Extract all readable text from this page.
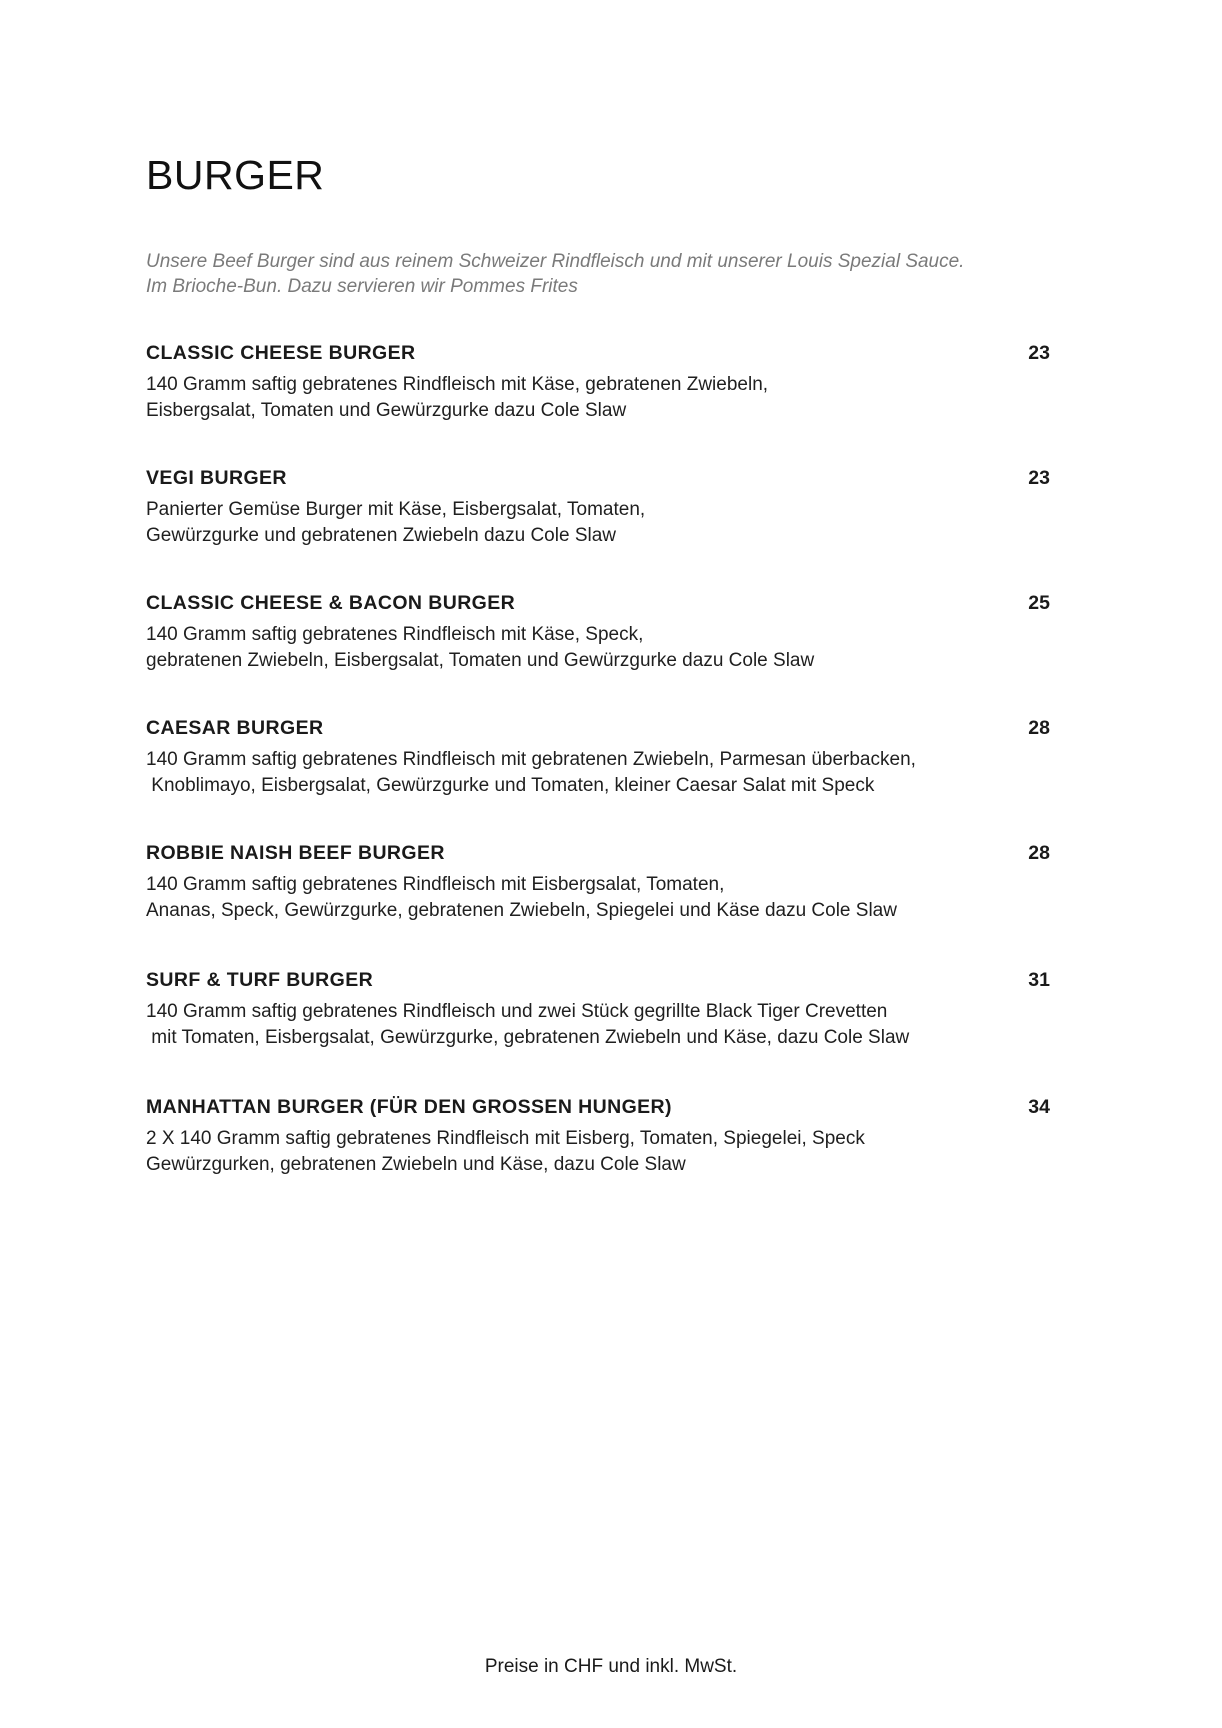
BURGER

Unsere Beef Burger sind aus reinem Schweizer Rindfleisch und mit unserer Louis Spezial Sauce.

Im Brioche-Bun. Dazu servieren wir Pommes Frites

CLASSIC CHEESE BURGER	23
140 Gramm saftig gebratenes Rindfleisch mit Käse, gebratenen Zwiebeln,
Eisbergsalat, Tomaten und Gewürzgurke dazu Cole Slaw
VEGI BURGER	23
Panierter Gemüse Burger mit Käse, Eisbergsalat, Tomaten,
Gewürzgurke und gebratenen Zwiebeln dazu Cole Slaw
CLASSIC CHEESE & BACON BURGER	25
140 Gramm saftig gebratenes Rindfleisch mit Käse, Speck,
gebratenen Zwiebeln, Eisbergsalat, Tomaten und Gewürzgurke dazu Cole Slaw
CAESAR BURGER	28
140 Gramm saftig gebratenes Rindfleisch mit gebratenen Zwiebeln, Parmesan überbacken,
Knoblimayo, Eisbergsalat, Gewürzgurke und Tomaten, kleiner Caesar Salat mit Speck
ROBBIE NAISH BEEF BURGER	28
140 Gramm saftig gebratenes Rindfleisch mit Eisbergsalat, Tomaten,
Ananas, Speck, Gewürzgurke, gebratenen Zwiebeln, Spiegelei und Käse dazu Cole Slaw
SURF & TURF BURGER	31
140 Gramm saftig gebratenes Rindfleisch und zwei Stück gegrillte Black Tiger Crevetten
mit Tomaten, Eisbergsalat, Gewürzgurke, gebratenen Zwiebeln und Käse, dazu Cole Slaw
MANHATTAN BURGER (FÜR DEN GROSSEN HUNGER)	34
2 X 140 Gramm saftig gebratenes Rindfleisch mit Eisberg, Tomaten, Spiegelei, Speck
Gewürzgurken, gebratenen Zwiebeln und Käse, dazu Cole Slaw
Preise in CHF und inkl. MwSt.
